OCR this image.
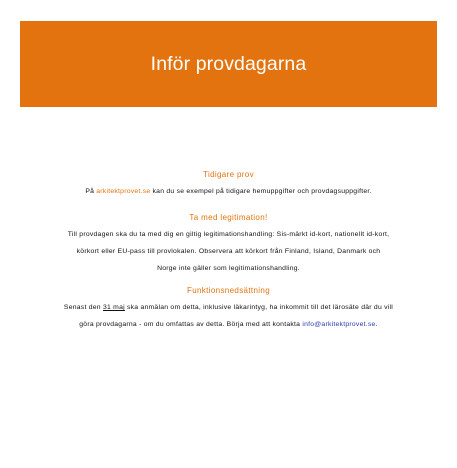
Inför provdagarna

Tidigare prov

På arkitektprovet.se kan du se exempel på tidigare hemuppgifter och provdagsuppgifter.

Ta med legitimation!

Till provdagen ska du ta med dig en giltig legitimationshandling: Sis-märkt id-kort, nationellt id-kort,
körkort eller EU-pass till provlokalen. Observera att körkort från Finland, Island, Danmark och
Norge inte gäller som legitimationshandling.

Funktionsnedsättning

Senast den 31 maj ska anmälan om detta, inklusive läkarintyg, ha inkommit till det lärosäte där du vill
göra provdagarna - om du omfattas av detta. Börja med att kontakta info@arkitektprovet.se.
